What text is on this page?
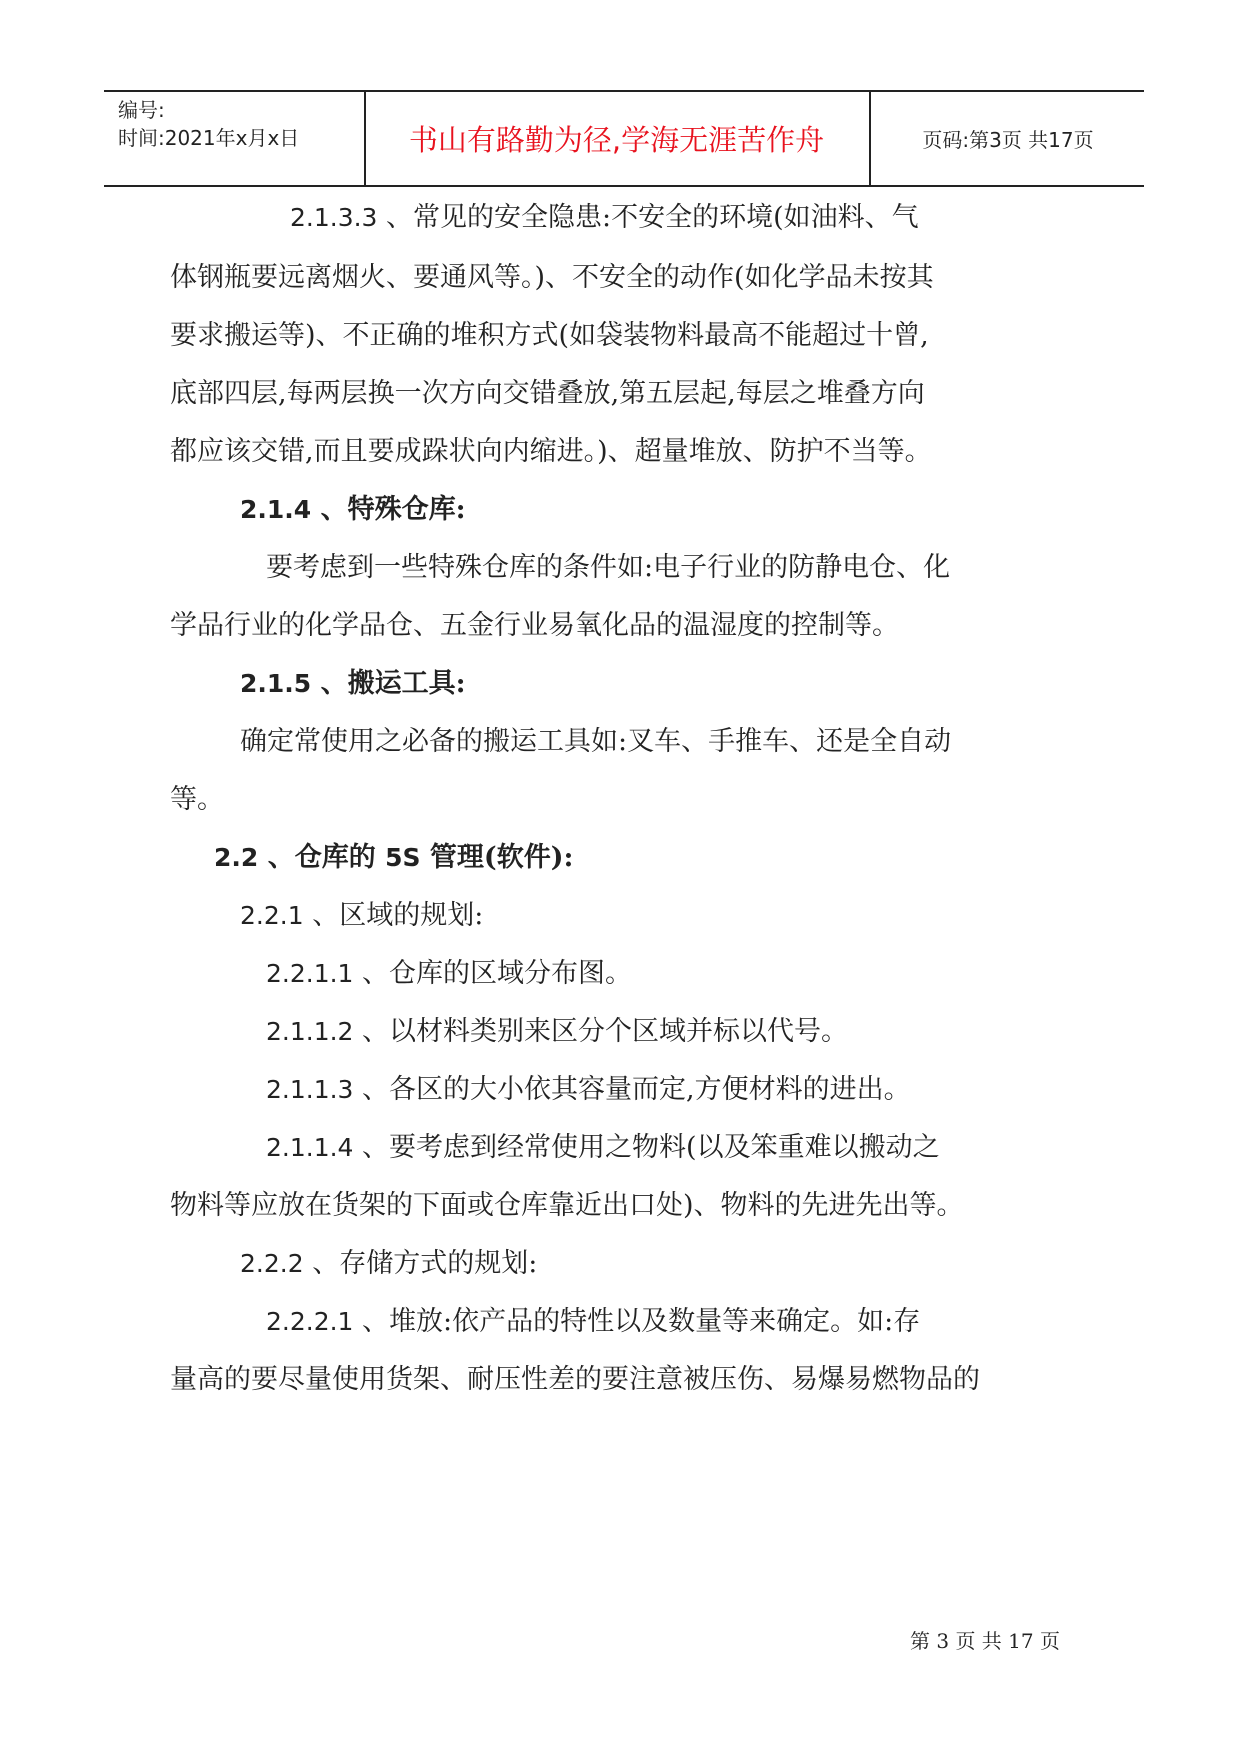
编号:
时间:2021年x月x日	书山有路勤为径,学海无涯苦作舟	页码:第3页 共17页
2.1.3.3 、常见的安全隐患:不安全的环境(如油料、气
体钢瓶要远离烟火、要通风等。)、不安全的动作(如化学品未按其
要求搬运等)、不正确的堆积方式(如袋装物料最高不能超过十曾,
底部四层,每两层换一次方向交错叠放,第五层起,每层之堆叠方向
都应该交错,而且要成跺状向内缩进。)、超量堆放、防护不当等。
2.1.4 、特殊仓库:
要考虑到一些特殊仓库的条件如:电子行业的防静电仓、化
学品行业的化学品仓、五金行业易氧化品的温湿度的控制等。
2.1.5 、搬运工具:
确定常使用之必备的搬运工具如:叉车、手推车、还是全自动
等。
2.2 、仓库的 5S 管理(软件):
2.2.1 、区域的规划:
2.2.1.1 、仓库的区域分布图。
2.1.1.2 、以材料类别来区分个区域并标以代号。
2.1.1.3 、各区的大小依其容量而定,方便材料的进出。
2.1.1.4 、要考虑到经常使用之物料(以及笨重难以搬动之
物料等应放在货架的下面或仓库靠近出口处)、物料的先进先出等。
2.2.2 、存储方式的规划:
2.2.2.1 、堆放:依产品的特性以及数量等来确定。如:存
量高的要尽量使用货架、耐压性差的要注意被压伤、易爆易燃物品的
第 3 页 共 17 页
